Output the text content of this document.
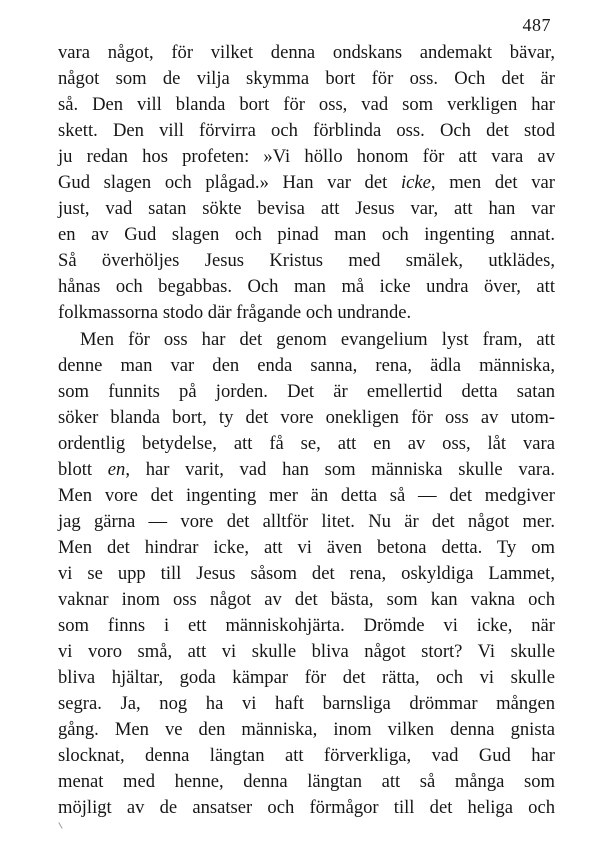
487
vara något, för vilket denna ondskans andemakt bävar,
något som de vilja skymma bort för oss. Och det är
så. Den vill blanda bort för oss, vad som verkligen har
skett. Den vill förvirra och förblinda oss. Och det stod
ju redan hos profeten: »Vi höllo honom för att vara av
Gud slagen och plågad.» Han var det icke, men det var
just, vad satan sökte bevisa att Jesus var, att han var
en av Gud slagen och pinad man och ingenting annat.
Så överhöljes Jesus Kristus med smälek, utklädes,
hånas och begabbas. Och man må icke undra över, att
folkmassorna stodo där frågande och undrande.
Men för oss har det genom evangelium lyst fram, att
denne man var den enda sanna, rena, ädla människa,
som funnits på jorden. Det är emellertid detta satan
söker blanda bort, ty det vore onekligen för oss av utom-
ordentlig betydelse, att få se, att en av oss, låt vara
blott en, har varit, vad han som människa skulle vara.
Men vore det ingenting mer än detta så — det medgiver
jag gärna — vore det alltför litet. Nu är det något mer.
Men det hindrar icke, att vi även betona detta. Ty om
vi se upp till Jesus såsom det rena, oskyldiga Lammet,
vaknar inom oss något av det bästa, som kan vakna och
som finns i ett människohjärta. Drömde vi icke, när
vi voro små, att vi skulle bliva något stort? Vi skulle
bliva hjältar, goda kämpar för det rätta, och vi skulle
segra. Ja, nog ha vi haft barnsliga drömmar mången
gång. Men ve den människa, inom vilken denna gnista
slocknat, denna längtan att förverkliga, vad Gud har
menat med henne, denna längtan att så många som
möjligt av de ansatser och förmågor till det heliga och
